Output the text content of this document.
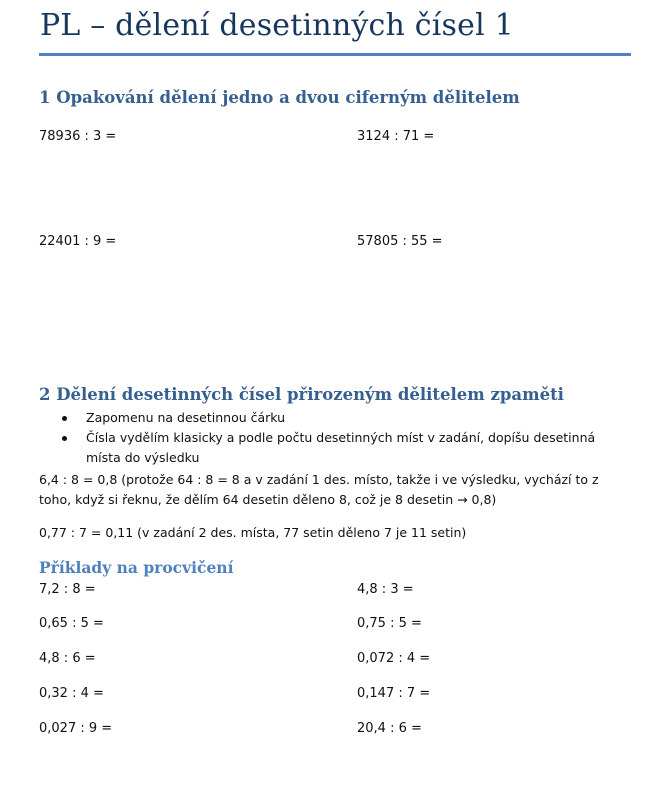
PL – dělení desetinných čísel 1
1 Opakování dělení jedno a dvou ciferným dělitelem
78936 : 3 =	3124 : 71 =
22401 : 9 =	57805 : 55 =
2 Dělení desetinných čísel přirozeným dělitelem zpaměti
Zapomenu na desetinnou čárku
Čísla vydělím klasicky a podle počtu desetinných míst v zadání, dopíšu desetinná místa do výsledku
6,4 : 8 = 0,8 (protože 64 : 8 = 8 a v zadání 1 des. místo, takže i ve výsledku, vychází to z toho, když si řeknu, že dělím 64 desetin děleno 8, což je 8 desetin → 0,8)
0,77 : 7 = 0,11 (v zadání 2 des. místa, 77 setin děleno 7 je 11 setin)
Příklady na procvičení
7,2 : 8 =
0,65 : 5 =
4,8 : 6 =
0,32 : 4 =
0,027 : 9 =
4,8 : 3 =
0,75 : 5 =
0,072 : 4 =
0,147 : 7 =
20,4 : 6 =
